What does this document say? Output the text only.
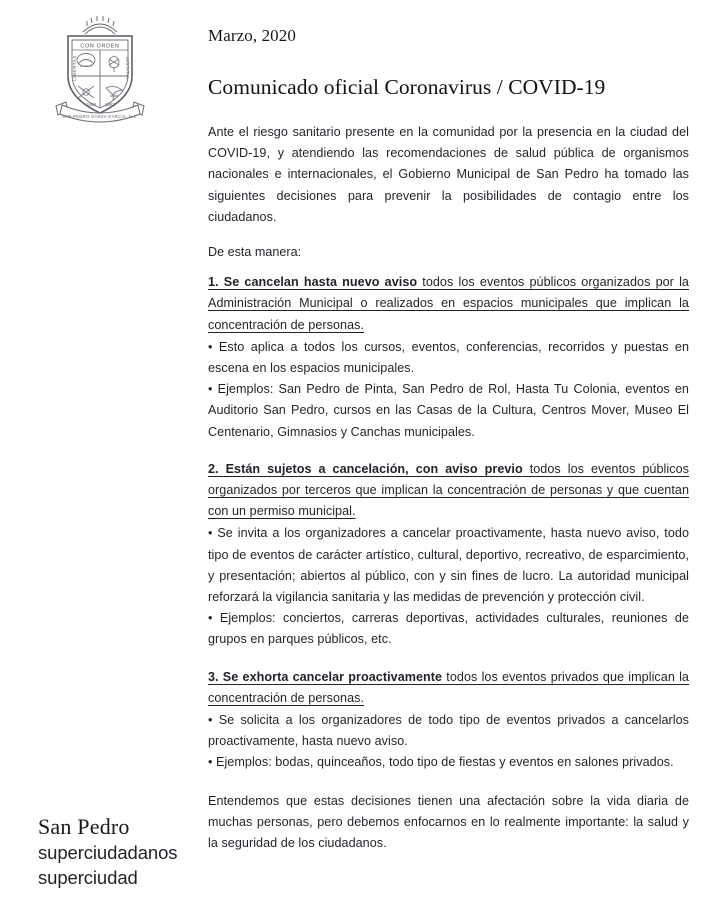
CON ORDEN
LIBERTAS	IUSTITIA
1596 1882
SAN PEDRO GARZA GARCIA, N.L.

Marzo, 2020

Comunicado oficial Coronavirus / COVID-19

Ante el riesgo sanitario presente en la comunidad por la presencia en la ciudad del COVID-19, y atendiendo las recomendaciones de salud pública de organismos nacionales e internacionales, el Gobierno Municipal de San Pedro ha tomado las siguientes decisiones para prevenir la posibilidades de contagio entre los ciudadanos.

De esta manera:

1. Se cancelan hasta nuevo aviso todos los eventos públicos organizados por la Administración Municipal o realizados en espacios municipales que implican la concentración de personas.

• Esto aplica a todos los cursos, eventos, conferencias, recorridos y puestas en escena en los espacios municipales.

• Ejemplos: San Pedro de Pinta, San Pedro de Rol, Hasta Tu Colonia, eventos en Auditorio San Pedro, cursos en las Casas de la Cultura, Centros Mover, Museo El Centenario, Gimnasios y Canchas municipales.

2. Están sujetos a cancelación, con aviso previo todos los eventos públicos organizados por terceros que implican la concentración de personas y que cuentan con un permiso municipal.

• Se invita a los organizadores a cancelar proactivamente, hasta nuevo aviso, todo tipo de eventos de carácter artístico, cultural, deportivo, recreativo, de esparcimiento, y presentación; abiertos al público, con y sin fines de lucro. La autoridad municipal reforzará la vigilancia sanitaria y las medidas de prevención y protección civil.

• Ejemplos: conciertos, carreras deportivas, actividades culturales, reuniones de grupos en parques públicos, etc.

3. Se exhorta cancelar proactivamente todos los eventos privados que implican la concentración de personas.

• Se solicita a los organizadores de todo tipo de eventos privados a cancelarlos proactivamente, hasta nuevo aviso.

• Ejemplos: bodas, quinceaños, todo tipo de fiestas y eventos en salones privados.

Entendemos que estas decisiones tienen una afectación sobre la vida diaria de muchas personas, pero debemos enfocarnos en lo realmente importante: la salud y la seguridad de los ciudadanos.

San Pedro
superciudadanos
superciudad
